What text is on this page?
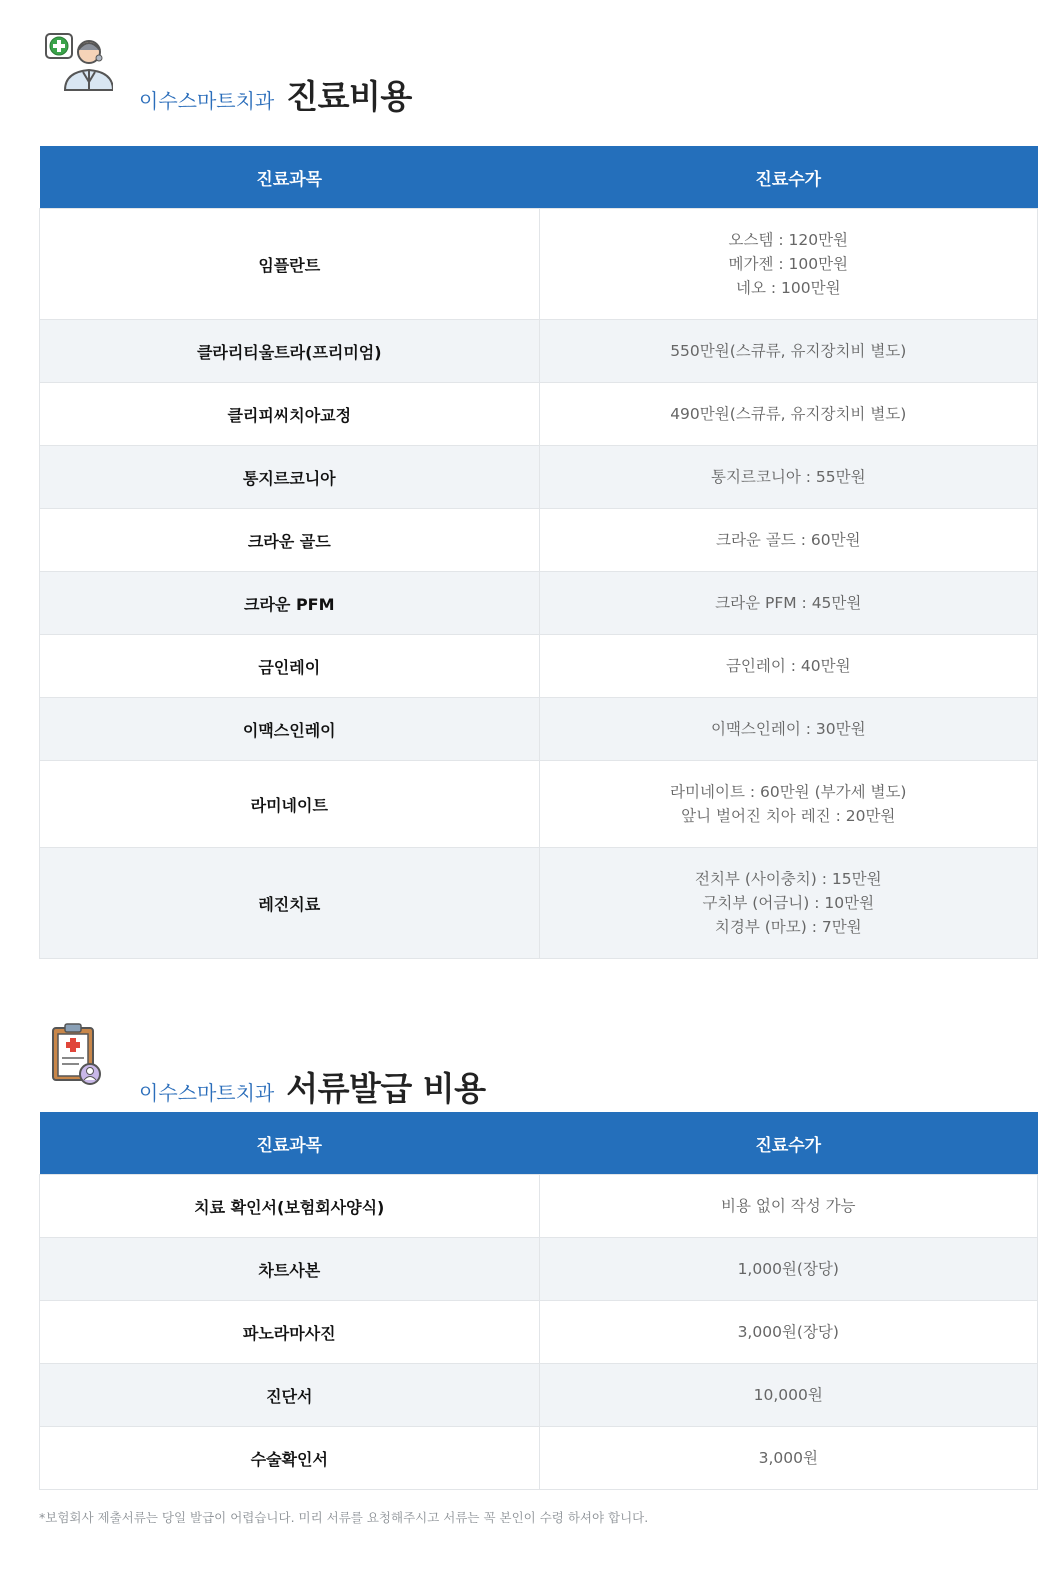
이수스마트치과 진료비용
진료과목	진료수가
임플란트	오스템 : 120만원
메가젠 : 100만원
네오 : 100만원

클라리티울트라(프리미엄)	550만원(스큐류, 유지장치비 별도)

클리피씨치아교정	490만원(스큐류, 유지장치비 별도)

통지르코니아	통지르코니아 : 55만원

크라운 골드	크라운 골드 : 60만원

크라운 PFM	크라운 PFM : 45만원

금인레이	금인레이 : 40만원

이맥스인레이	이맥스인레이 : 30만원

라미네이트	라미네이트 : 60만원 (부가세 별도)
앞니 벌어진 치아 레진 : 20만원

레진치료	전치부 (사이충치) : 15만원
구치부 (어금니) : 10만원
치경부 (마모) : 7만원
이수스마트치과 서류발급 비용
진료과목	진료수가
치료 확인서(보험회사양식)	비용 없이 작성 가능

차트사본	1,000원(장당)

파노라마사진	3,000원(장당)

진단서	10,000원

수술확인서	3,000원
*보험회사 제출서류는 당일 발급이 어렵습니다. 미리 서류를 요청해주시고 서류는 꼭 본인이 수령 하셔야 합니다.
